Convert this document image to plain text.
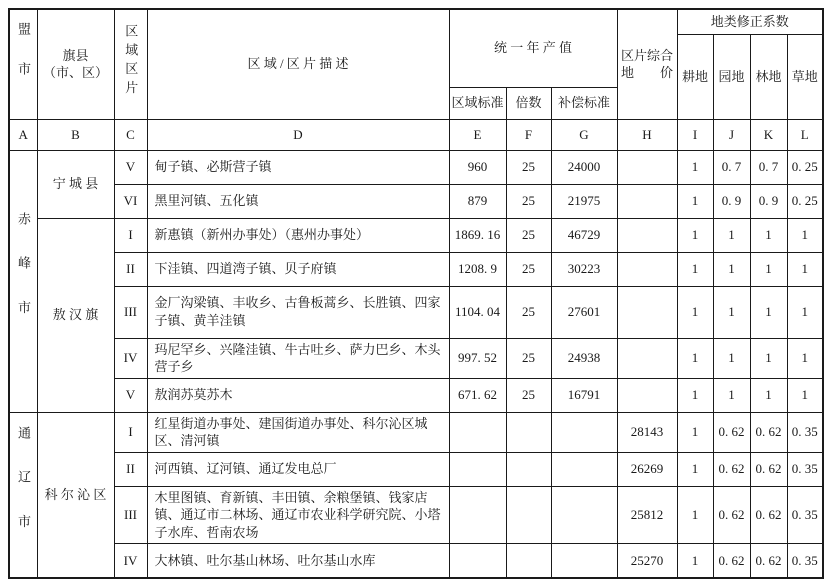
盟市	旗县
（市、区）	区域区片	区 域 / 区 片 描 述	统 一 年 产 值			区片综合
地　　价	地类修正系数			
								耕地	园地	林地	草地
				区域标准	倍数	补偿标准					
A	B	C	D	E	F	G	H	I	J	K	L
赤峰市	宁 城 县	V	甸子镇、必斯营子镇	960	25	24000		1	0. 7	0. 7	0. 25
		VI	黑里河镇、五化镇	879	25	21975		1	0. 9	0. 9	0. 25
	敖 汉 旗	I	新惠镇（新州办事处）（惠州办事处）	1869. 16	25	46729		1	1	1	1
		II	下洼镇、四道湾子镇、贝子府镇	1208. 9	25	30223		1	1	1	1
		III	金厂沟梁镇、丰收乡、古鲁板蒿乡、长胜镇、四家子镇、黄羊洼镇	1104. 04	25	27601		1	1	1	1
		IV	玛尼罕乡、兴隆洼镇、牛古吐乡、萨力巴乡、木头营子乡	997. 52	25	24938		1	1	1	1
		V	敖润苏莫苏木	671. 62	25	16791		1	1	1	1
通辽市	科 尔 沁 区	I	红星街道办事处、建国街道办事处、科尔沁区城区、清河镇				28143	1	0. 62	0. 62	0. 35
		II	河西镇、辽河镇、通辽发电总厂				26269	1	0. 62	0. 62	0. 35
		III	木里图镇、育新镇、丰田镇、余粮堡镇、钱家店镇、通辽市二林场、通辽市农业科学研究院、小塔子水库、哲南农场				25812	1	0. 62	0. 62	0. 35
		IV	大林镇、吐尔基山林场、吐尔基山水库				25270	1	0. 62	0. 62	0. 35
